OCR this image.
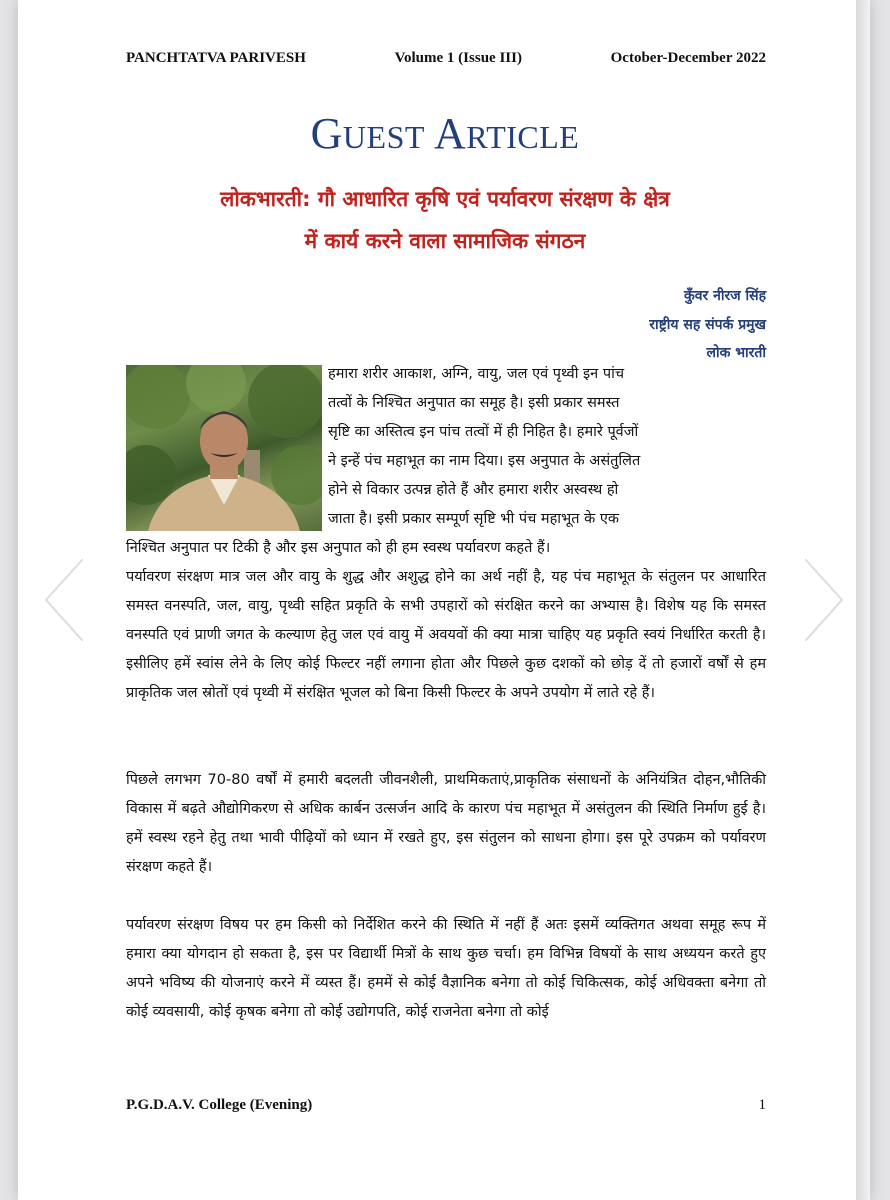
PANCHTATVA PARIVESH	Volume 1 (Issue III)	October-December 2022
GUEST ARTICLE
लोकभारती: गौ आधारित कृषि एवं पर्यावरण संरक्षण के क्षेत्र
में कार्य करने वाला सामाजिक संगठन
कुँवर नीरज सिंह
राष्ट्रीय सह संपर्क प्रमुख
लोक भारती
हमारा शरीर आकाश, अग्नि, वायु, जल एवं पृथ्वी इन पांच
तत्वों के निश्चित अनुपात का समूह है। इसी प्रकार समस्त
सृष्टि का अस्तित्व इन पांच तत्वों में ही निहित है। हमारे पूर्वजों
ने इन्हें पंच महाभूत का नाम दिया। इस अनुपात के असंतुलित
होने से विकार उत्पन्न होते हैं और हमारा शरीर अस्वस्थ हो
जाता है। इसी प्रकार सम्पूर्ण सृष्टि भी पंच महाभूत के एक
निश्चित अनुपात पर टिकी है और इस अनुपात को ही हम स्वस्थ पर्यावरण कहते हैं।
पर्यावरण संरक्षण मात्र जल और वायु के शुद्ध और अशुद्ध होने का अर्थ नहीं है, यह पंच महाभूत के संतुलन पर आधारित समस्त वनस्पति, जल, वायु, पृथ्वी सहित प्रकृति के सभी उपहारों को संरक्षित करने का अभ्यास है। विशेष यह कि समस्त वनस्पति एवं प्राणी जगत के कल्याण हेतु जल एवं वायु में अवयवों की क्या मात्रा चाहिए यह प्रकृति स्वयं निर्धारित करती है। इसीलिए हमें स्वांस लेने के लिए कोई फिल्टर नहीं लगाना होता और पिछले कुछ दशकों को छोड़ दें तो हजारों वर्षों से हम प्राकृतिक जल स्रोतों एवं पृथ्वी में संरक्षित भूजल को बिना किसी फिल्टर के अपने उपयोग में लाते रहे हैं।
पिछले लगभग 70-80 वर्षों में हमारी बदलती जीवनशैली, प्राथमिकताएं,प्राकृतिक संसाधनों के अनियंत्रित दोहन,भौतिकी विकास में बढ़ते औद्योगिकरण से अधिक कार्बन उत्सर्जन आदि के कारण पंच महाभूत में असंतुलन की स्थिति निर्माण हुई है। हमें स्वस्थ रहने हेतु तथा भावी पीढ़ियों को ध्यान में रखते हुए, इस संतुलन को साधना होगा। इस पूरे उपक्रम को पर्यावरण संरक्षण कहते हैं।
पर्यावरण संरक्षण विषय पर हम किसी को निर्देशित करने की स्थिति में नहीं हैं अतः इसमें व्यक्तिगत अथवा समूह रूप में हमारा क्या योगदान हो सकता है, इस पर विद्यार्थी मित्रों के साथ कुछ चर्चा। हम विभिन्न विषयों के साथ अध्ययन करते हुए अपने भविष्य की योजनाएं करने में व्यस्त हैं। हममें से कोई वैज्ञानिक बनेगा तो कोई चिकित्सक, कोई अधिवक्ता बनेगा तो कोई व्यवसायी, कोई कृषक बनेगा तो कोई उद्योगपति, कोई राजनेता बनेगा तो कोई
P.G.D.A.V. College (Evening)	1
